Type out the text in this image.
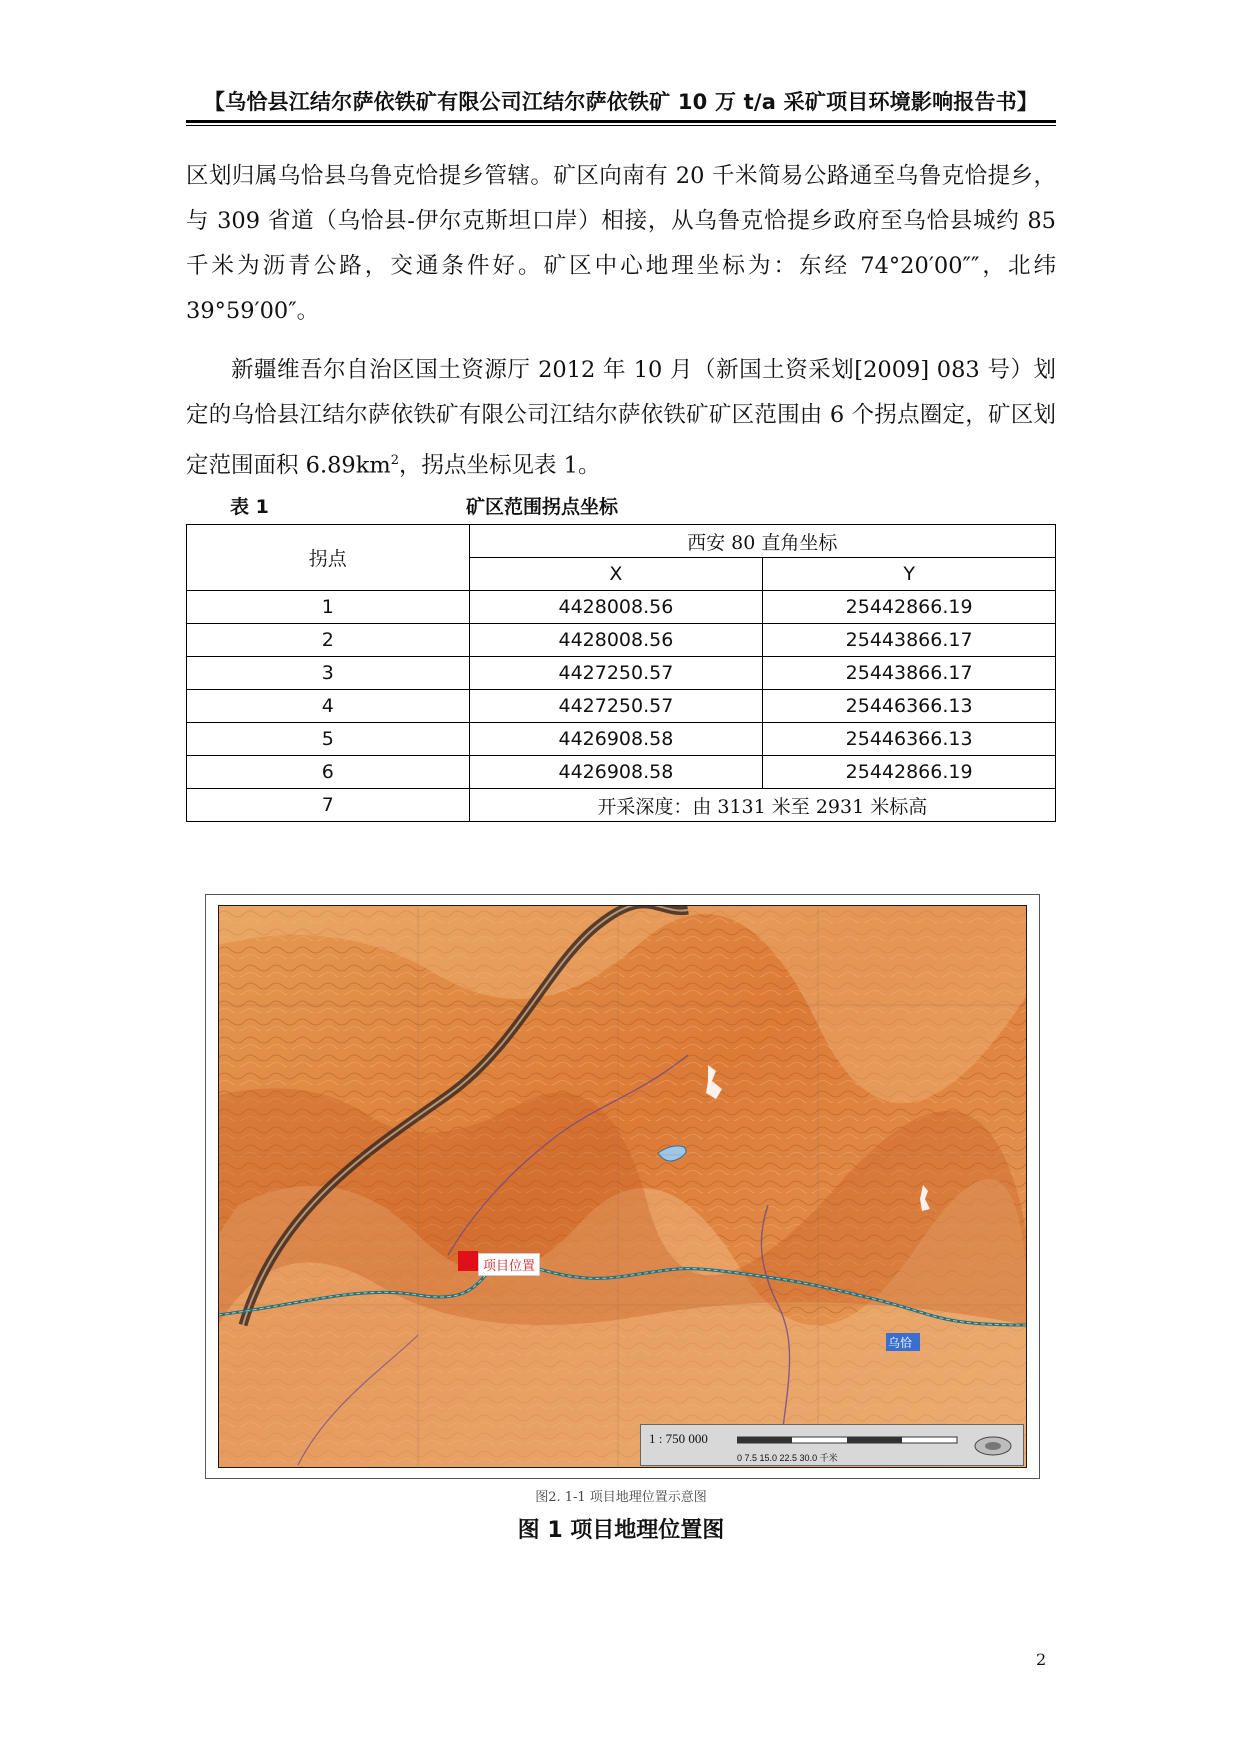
【乌恰县江结尔萨依铁矿有限公司江结尔萨依铁矿 10 万 t/a 采矿项目环境影响报告书】
区划归属乌恰县乌鲁克恰提乡管辖。矿区向南有 20 千米简易公路通至乌鲁克恰提乡，与 309 省道（乌恰县-伊尔克斯坦口岸）相接，从乌鲁克恰提乡政府至乌恰县城约 85 千米为沥青公路，交通条件好。矿区中心地理坐标为：东经 74°20′00″″，北纬 39°59′00″。
新疆维吾尔自治区国土资源厅 2012 年 10 月（新国土资采划[2009] 083 号）划定的乌恰县江结尔萨依铁矿有限公司江结尔萨依铁矿矿区范围由 6 个拐点圈定，矿区划定范围面积 $6.89km^2$，拐点坐标见表 1。
表 1	矿区范围拐点坐标
拐点	西安 80 直角坐标	
	X	Y
1	4428008.56	25442866.19
2	4428008.56	25443866.17
3	4427250.57	25443866.17
4	4427250.57	25446366.13
5	4426908.58	25446366.13
6	4426908.58	25442866.19
7	开采深度：由 3131 米至 2931 米标高	
项目位置
乌恰
1 : 750 000
0 7.5 15.0 22.5 30.0 千米
图2. 1-1 项目地理位置示意图
图 1 项目地理位置图
2
